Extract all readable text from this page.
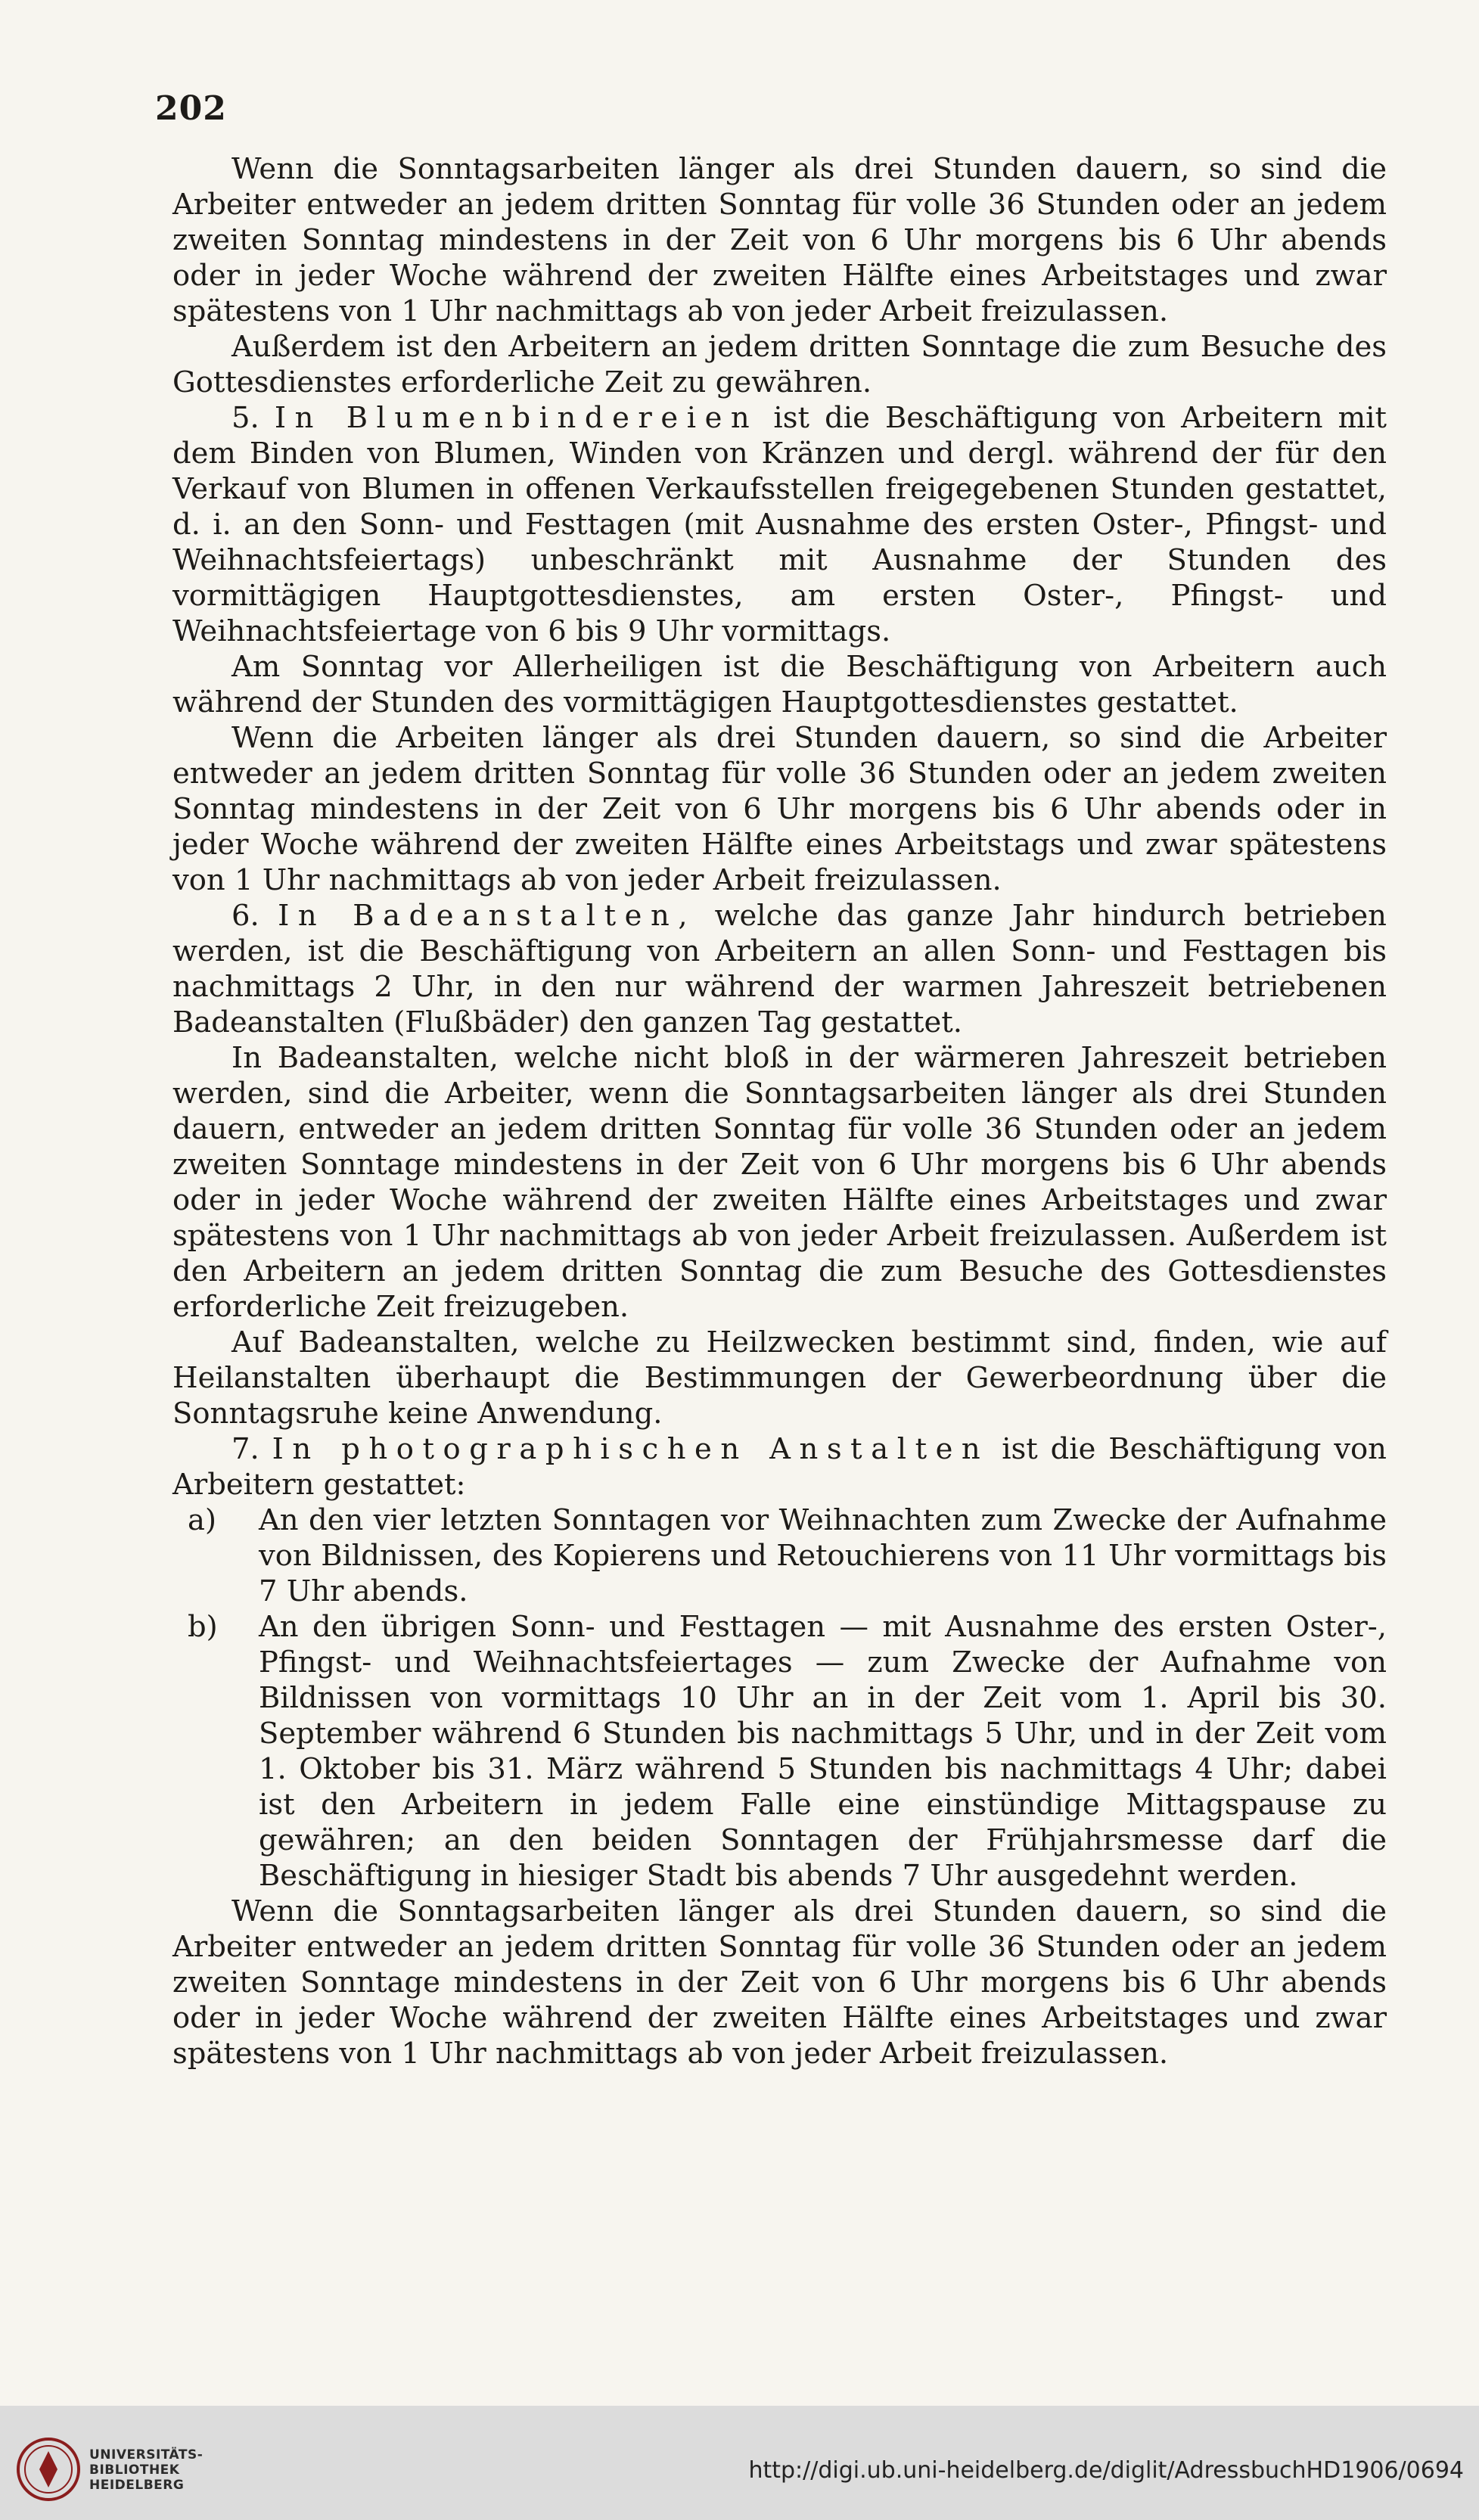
202

Wenn die Sonntagsarbeiten länger als drei Stunden dauern, so sind die Arbeiter entweder an jedem dritten Sonntag für volle 36 Stunden oder an jedem zweiten Sonntag mindestens in der Zeit von 6 Uhr morgens bis 6 Uhr abends oder in jeder Woche während der zweiten Hälfte eines Arbeitstages und zwar spätestens von 1 Uhr nachmittags ab von jeder Arbeit freizulassen.

Außerdem ist den Arbeitern an jedem dritten Sonntage die zum Besuche des Gottesdienstes erforderliche Zeit zu gewähren.

5. In Blumenbindereien ist die Beschäftigung von Arbeitern mit dem Binden von Blumen, Winden von Kränzen und dergl. während der für den Verkauf von Blumen in offenen Verkaufsstellen freigegebenen Stunden gestattet, d. i. an den Sonn- und Festtagen (mit Ausnahme des ersten Oster-, Pfingst- und Weihnachtsfeiertags) unbeschränkt mit Ausnahme der Stunden des vormittägigen Hauptgottesdienstes, am ersten Oster-, Pfingst- und Weihnachtsfeiertage von 6 bis 9 Uhr vormittags.

Am Sonntag vor Allerheiligen ist die Beschäftigung von Arbeitern auch während der Stunden des vormittägigen Hauptgottesdienstes gestattet.

Wenn die Arbeiten länger als drei Stunden dauern, so sind die Arbeiter entweder an jedem dritten Sonntag für volle 36 Stunden oder an jedem zweiten Sonntag mindestens in der Zeit von 6 Uhr morgens bis 6 Uhr abends oder in jeder Woche während der zweiten Hälfte eines Arbeitstags und zwar spätestens von 1 Uhr nachmittags ab von jeder Arbeit freizulassen.

6. In Badeanstalten, welche das ganze Jahr hindurch betrieben werden, ist die Beschäftigung von Arbeitern an allen Sonn- und Festtagen bis nachmittags 2 Uhr, in den nur während der warmen Jahreszeit betriebenen Badeanstalten (Flußbäder) den ganzen Tag gestattet.

In Badeanstalten, welche nicht bloß in der wärmeren Jahreszeit betrieben werden, sind die Arbeiter, wenn die Sonntagsarbeiten länger als drei Stunden dauern, entweder an jedem dritten Sonntag für volle 36 Stunden oder an jedem zweiten Sonntage mindestens in der Zeit von 6 Uhr morgens bis 6 Uhr abends oder in jeder Woche während der zweiten Hälfte eines Arbeitstages und zwar spätestens von 1 Uhr nachmittags ab von jeder Arbeit freizulassen. Außerdem ist den Arbeitern an jedem dritten Sonntag die zum Besuche des Gottesdienstes erforderliche Zeit freizugeben.

Auf Badeanstalten, welche zu Heilzwecken bestimmt sind, finden, wie auf Heilanstalten überhaupt die Bestimmungen der Gewerbeordnung über die Sonntagsruhe keine Anwendung.

7. In photographischen Anstalten ist die Beschäftigung von Arbeitern gestattet:

a) An den vier letzten Sonntagen vor Weihnachten zum Zwecke der Aufnahme von Bildnissen, des Kopierens und Retouchierens von 11 Uhr vormittags bis 7 Uhr abends.
b) An den übrigen Sonn- und Festtagen — mit Ausnahme des ersten Oster-, Pfingst- und Weihnachtsfeiertages — zum Zwecke der Aufnahme von Bildnissen von vormittags 10 Uhr an in der Zeit vom 1. April bis 30. September während 6 Stunden bis nachmittags 5 Uhr, und in der Zeit vom 1. Oktober bis 31. März während 5 Stunden bis nachmittags 4 Uhr; dabei ist den Arbeitern in jedem Falle eine einstündige Mittagspause zu gewähren; an den beiden Sonntagen der Frühjahrsmesse darf die Beschäftigung in hiesiger Stadt bis abends 7 Uhr ausgedehnt werden.

Wenn die Sonntagsarbeiten länger als drei Stunden dauern, so sind die Arbeiter entweder an jedem dritten Sonntag für volle 36 Stunden oder an jedem zweiten Sonntage mindestens in der Zeit von 6 Uhr morgens bis 6 Uhr abends oder in jeder Woche während der zweiten Hälfte eines Arbeitstages und zwar spätestens von 1 Uhr nachmittags ab von jeder Arbeit freizulassen.

UNIVERSITÄTS-
BIBLIOTHEK
HEIDELBERG
http://digi.ub.uni-heidelberg.de/diglit/AdressbuchHD1906/0694
